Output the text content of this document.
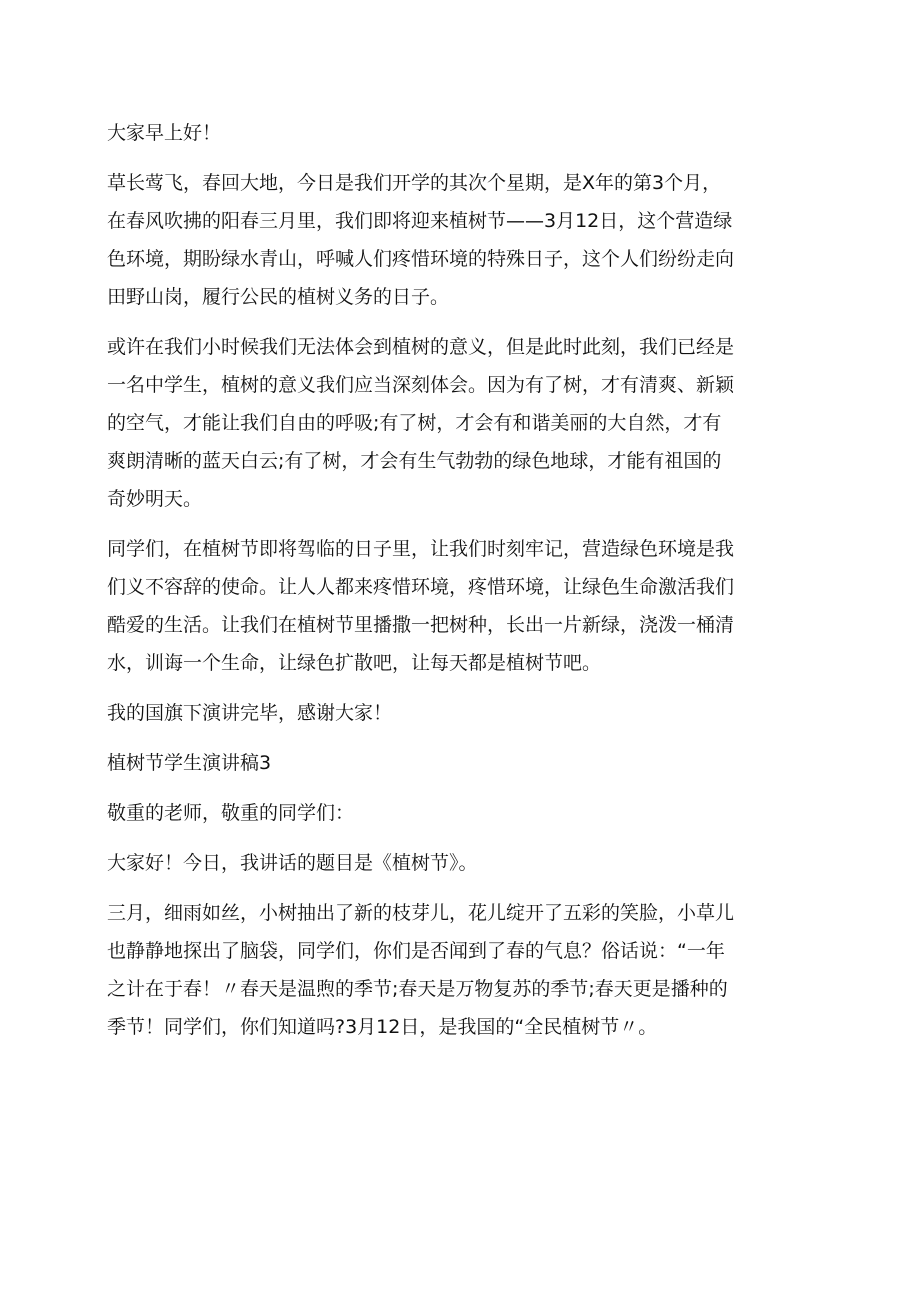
大家早上好！

草长莺飞，春回大地，今日是我们开学的其次个星期，是X年的第3个月，
在春风吹拂的阳春三月里，我们即将迎来植树节——3月12日，这个营造绿
色环境，期盼绿水青山，呼喊人们疼惜环境的特殊日子，这个人们纷纷走向
田野山岗，履行公民的植树义务的日子。

或许在我们小时候我们无法体会到植树的意义，但是此时此刻，我们已经是
一名中学生，植树的意义我们应当深刻体会。因为有了树，才有清爽、新颖
的空气，才能让我们自由的呼吸;有了树，才会有和谐美丽的大自然，才有
爽朗清晰的蓝天白云;有了树，才会有生气勃勃的绿色地球，才能有祖国的
奇妙明天。

同学们，在植树节即将驾临的日子里，让我们时刻牢记，营造绿色环境是我
们义不容辞的使命。让人人都来疼惜环境，疼惜环境，让绿色生命激活我们
酷爱的生活。让我们在植树节里播撒一把树种，长出一片新绿，浇泼一桶清
水，训诲一个生命，让绿色扩散吧，让每天都是植树节吧。

我的国旗下演讲完毕，感谢大家！

植树节学生演讲稿3

敬重的老师，敬重的同学们：

大家好！今日，我讲话的题目是《植树节》。

三月，细雨如丝，小树抽出了新的枝芽儿，花儿绽开了五彩的笑脸，小草儿
也静静地探出了脑袋，同学们，你们是否闻到了春的气息？俗话说：“一年
之计在于春！〃春天是温煦的季节;春天是万物复苏的季节;春天更是播种的
季节！同学们，你们知道吗?3月12日，是我国的“全民植树节〃。
